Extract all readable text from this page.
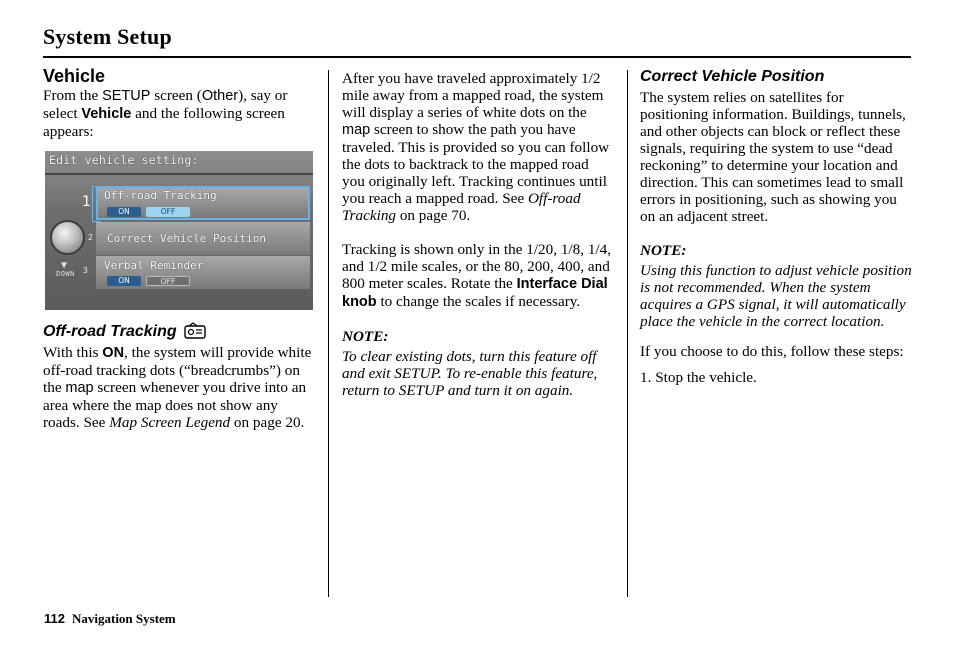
System Setup
Vehicle

From the SETUP screen (Other), say or select Vehicle and the following screen appears:

Edit vehicle setting:
Off-road Tracking
ON	OFF
Correct Vehicle Position
Verbal Reminder
ON	OFF
1
2
3
▼
DOWN
Off-road Tracking

With this ON, the system will provide white off-road tracking dots (“breadcrumbs”) on the map screen whenever you drive into an area where the map does not show any roads. See Map Screen Legend on page 20.

After you have traveled approximately 1/2 mile away from a mapped road, the system will display a series of white dots on the map screen to show the path you have traveled. This is provided so you can follow the dots to backtrack to the mapped road you originally left. Tracking continues until you reach a mapped road. See Off-road Tracking on page 70.

Tracking is shown only in the 1/20, 1/8, 1/4, and 1/2 mile scales, or the 80, 200, 400, and 800 meter scales. Rotate the Interface Dial knob to change the scales if necessary.

NOTE:

To clear existing dots, turn this feature off and exit SETUP. To re-enable this feature, return to SETUP and turn it on again.

Correct Vehicle Position

The system relies on satellites for positioning information. Buildings, tunnels, and other objects can block or reflect these signals, requiring the system to use “dead reckoning” to determine your location and direction. This can sometimes lead to small errors in positioning, such as showing you on an adjacent street.

NOTE:

Using this function to adjust vehicle position is not recommended. When the system acquires a GPS signal, it will automatically place the vehicle in the correct location.

If you choose to do this, follow these steps:

1. Stop the vehicle.

112 Navigation System
